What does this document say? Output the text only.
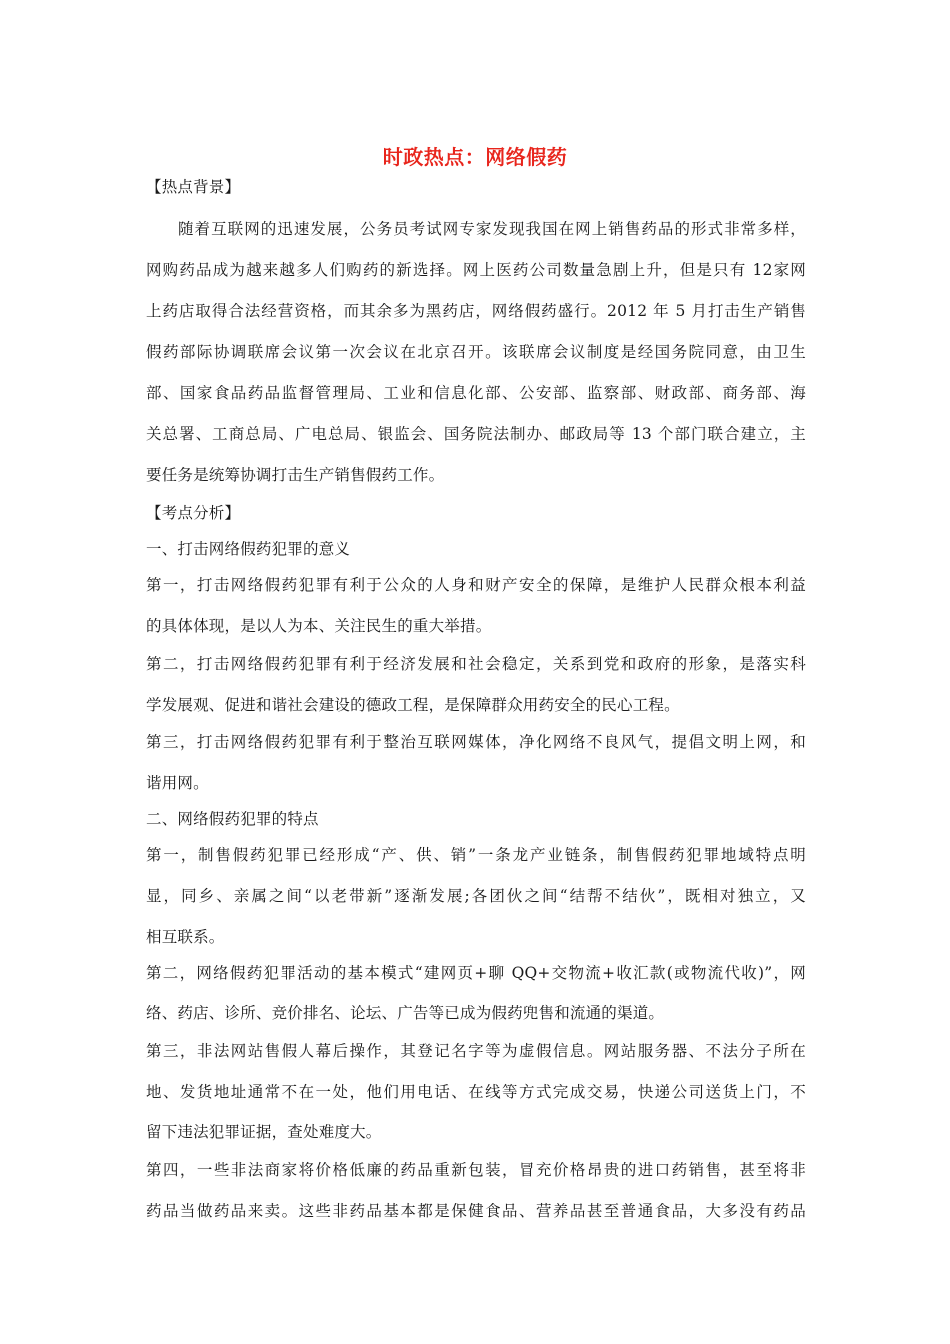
时政热点：网络假药
【热点背景】
随着互联网的迅速发展，公务员考试网专家发现我国在网上销售药品的形式非常多样，
网购药品成为越来越多人们购药的新选择。网上医药公司数量急剧上升，但是只有 12家网
上药店取得合法经营资格，而其余多为黑药店，网络假药盛行。2012 年 5 月打击生产销售
假药部际协调联席会议第一次会议在北京召开。该联席会议制度是经国务院同意，由卫生
部、国家食品药品监督管理局、工业和信息化部、公安部、监察部、财政部、商务部、海
关总署、工商总局、广电总局、银监会、国务院法制办、邮政局等 13 个部门联合建立，主
要任务是统筹协调打击生产销售假药工作。
【考点分析】
一、打击网络假药犯罪的意义
第一，打击网络假药犯罪有利于公众的人身和财产安全的保障，是维护人民群众根本利益
的具体体现，是以人为本、关注民生的重大举措。
第二，打击网络假药犯罪有利于经济发展和社会稳定，关系到党和政府的形象，是落实科
学发展观、促进和谐社会建设的德政工程，是保障群众用药安全的民心工程。
第三，打击网络假药犯罪有利于整治互联网媒体，净化网络不良风气，提倡文明上网，和
谐用网。
二、网络假药犯罪的特点
第一，制售假药犯罪已经形成“产、供、销”一条龙产业链条，制售假药犯罪地域特点明
显，同乡、亲属之间“以老带新”逐渐发展;各团伙之间“结帮不结伙”，既相对独立，又
相互联系。
第二，网络假药犯罪活动的基本模式“建网页+聊 QQ+交物流+收汇款(或物流代收)”，网
络、药店、诊所、竞价排名、论坛、广告等已成为假药兜售和流通的渠道。
第三，非法网站售假人幕后操作，其登记名字等为虚假信息。网站服务器、不法分子所在
地、发货地址通常不在一处，他们用电话、在线等方式完成交易，快递公司送货上门，不
留下违法犯罪证据，查处难度大。
第四，一些非法商家将价格低廉的药品重新包装，冒充价格昂贵的进口药销售，甚至将非
药品当做药品来卖。这些非药品基本都是保健食品、营养品甚至普通食品，大多没有药品
